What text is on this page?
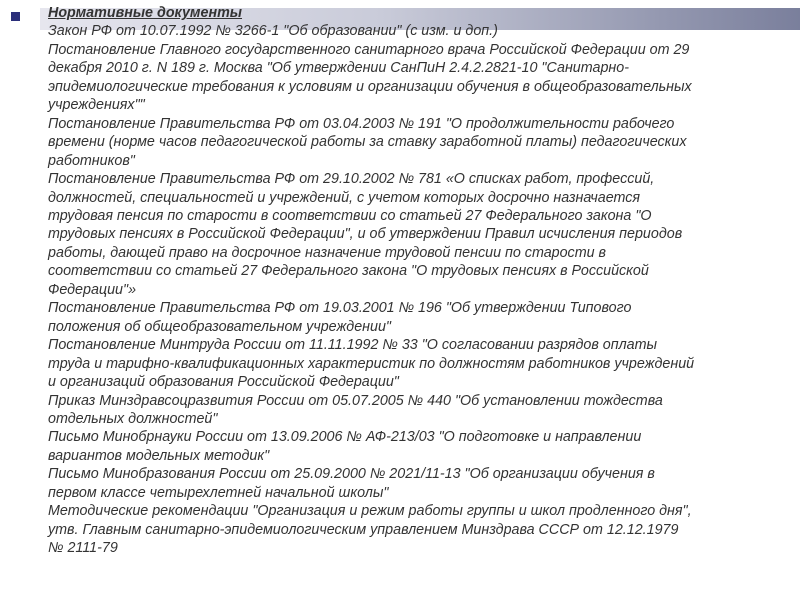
Нормативные документы
Закон РФ от 10.07.1992 № 3266-1 "Об образовании" (с изм. и доп.)
Постановление Главного государственного санитарного врача Российской Федерации от 29
декабря 2010 г. N 189 г. Москва "Об утверждении СанПиН 2.4.2.2821-10 "Санитарно-
эпидемиологические требования к условиям и организации обучения в общеобразовательных
учреждениях""
Постановление Правительства РФ от 03.04.2003 № 191 "О продолжительности рабочего
времени (норме часов педагогической работы за ставку заработной платы) педагогических
работников"
Постановление Правительства РФ от 29.10.2002 № 781 «О списках работ, профессий,
должностей, специальностей и учреждений, с учетом которых досрочно назначается
трудовая пенсия по старости в соответствии со статьей 27 Федерального закона "О
трудовых пенсиях в Российской Федерации", и об утверждении Правил исчисления периодов
работы, дающей право на досрочное назначение трудовой пенсии по старости в
соответствии со статьей 27 Федерального закона "О трудовых пенсиях в Российской
Федерации"»
Постановление Правительства РФ от 19.03.2001 № 196 "Об утверждении Типового
положения об общеобразовательном учреждении"
Постановление Минтруда России от 11.11.1992 № 33 "О согласовании разрядов оплаты
труда и тарифно-квалификационных характеристик по должностям работников учреждений
и организаций образования Российской Федерации"
Приказ Минздравсоцразвития России от 05.07.2005 № 440 "Об установлении тождества
отдельных должностей"
Письмо Минобрнауки России от 13.09.2006 № АФ-213/03 "О подготовке и направлении
вариантов модельных методик"
Письмо Минобразования России от 25.09.2000 № 2021/11-13 "Об организации обучения в
первом классе четырехлетней начальной школы"
Методические рекомендации "Организация и режим работы группы и школ продленного дня",
утв. Главным санитарно-эпидемиологическим управлением Минздрава СССР от 12.12.1979
№ 2111-79
